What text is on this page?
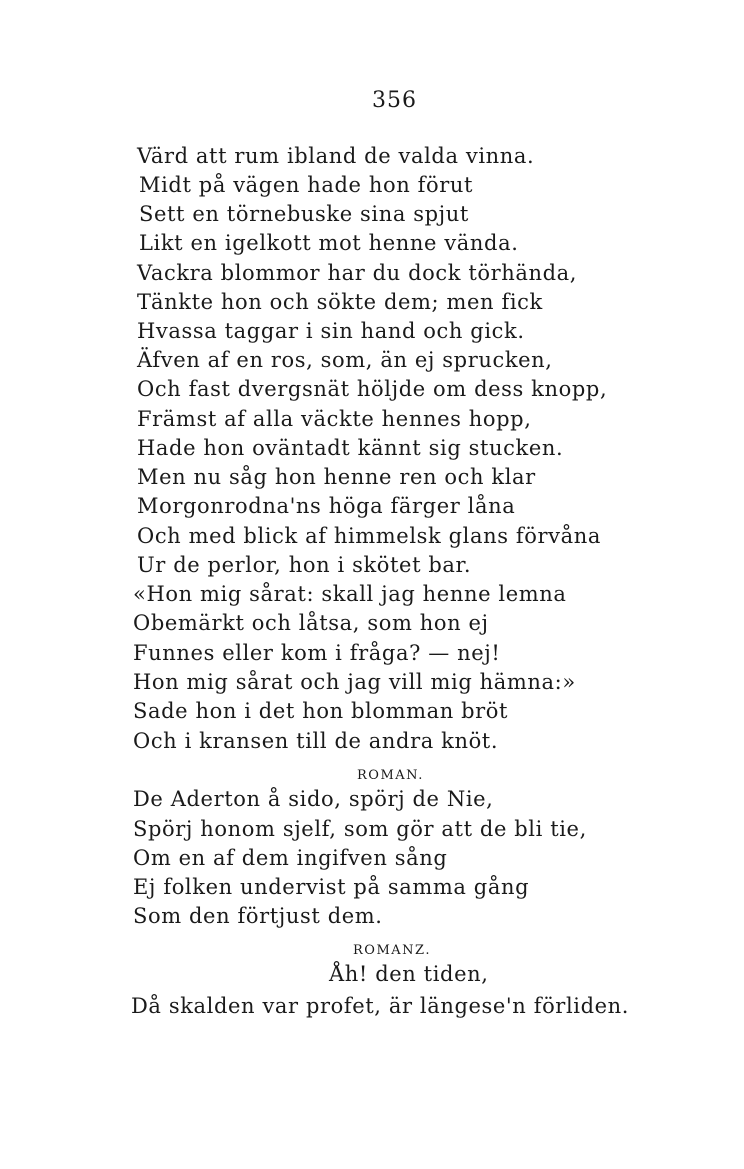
356
Värd att rum ibland de valda vinna.
Midt på vägen hade hon förut
Sett en törnebuske sina spjut
Likt en igelkott mot henne vända.
Vackra blommor har du dock törhända,
Tänkte hon och sökte dem; men fick
Hvassa taggar i sin hand och gick.
Äfven af en ros, som, än ej sprucken,
Och fast dvergsnät höljde om dess knopp,
Främst af alla väckte hennes hopp,
Hade hon oväntadt kännt sig stucken.
Men nu såg hon henne ren och klar
Morgonrodna'ns höga färger låna
Och med blick af himmelsk glans förvåna
Ur de perlor, hon i skötet bar.
«Hon mig sårat: skall jag henne lemna
Obemärkt och låtsa, som hon ej
Funnes eller kom i fråga? — nej!
Hon mig sårat och jag vill mig hämna:»
Sade hon i det hon blomman bröt
Och i kransen till de andra knöt.
ROMAN.
De Aderton å sido, spörj de Nie,
Spörj honom sjelf, som gör att de bli tie,
Om en af dem ingifven sång
Ej folken undervist på samma gång
Som den förtjust dem.
ROMANZ.
Åh! den tiden,
Då skalden var profet, är längese'n förliden.
